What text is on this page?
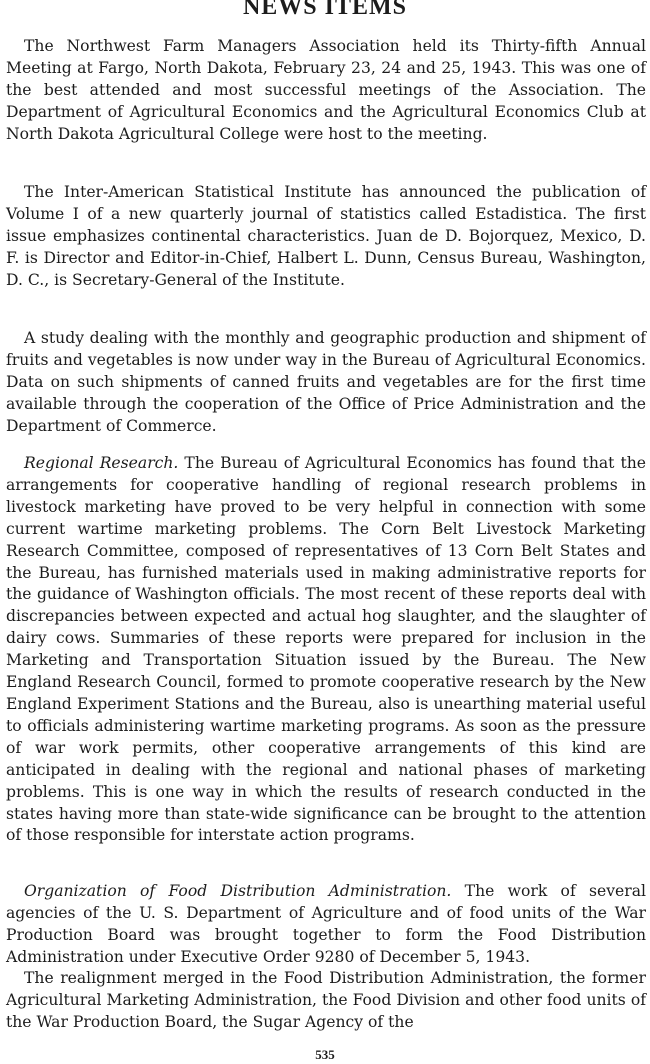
NEWS ITEMS

The Northwest Farm Managers Association held its Thirty-fifth Annual Meeting at Fargo, North Dakota, February 23, 24 and 25, 1943. This was one of the best attended and most successful meetings of the Association. The Department of Agricultural Economics and the Agricultural Economics Club at North Dakota Agricultural College were host to the meeting.

The Inter-American Statistical Institute has announced the publication of Volume I of a new quarterly journal of statistics called Estadistica. The first issue emphasizes continental characteristics. Juan de D. Bojorquez, Mexico, D. F. is Director and Editor-in-Chief, Halbert L. Dunn, Census Bureau, Washington, D. C., is Secretary-General of the Institute.

A study dealing with the monthly and geographic production and shipment of fruits and vegetables is now under way in the Bureau of Agricultural Economics. Data on such shipments of canned fruits and vegetables are for the first time available through the cooperation of the Office of Price Administration and the Department of Commerce.

Regional Research. The Bureau of Agricultural Economics has found that the arrangements for cooperative handling of regional research problems in livestock marketing have proved to be very helpful in connection with some current wartime marketing problems. The Corn Belt Livestock Marketing Research Committee, composed of representatives of 13 Corn Belt States and the Bureau, has furnished materials used in making administrative reports for the guidance of Washington officials. The most recent of these reports deal with discrepancies between expected and actual hog slaughter, and the slaughter of dairy cows. Summaries of these reports were prepared for inclusion in the Marketing and Transportation Situation issued by the Bureau. The New England Research Council, formed to promote cooperative research by the New England Experiment Stations and the Bureau, also is unearthing material useful to officials administering wartime marketing programs. As soon as the pressure of war work permits, other cooperative arrangements of this kind are anticipated in dealing with the regional and national phases of marketing problems. This is one way in which the results of research conducted in the states having more than state-wide significance can be brought to the attention of those responsible for interstate action programs.

Organization of Food Distribution Administration. The work of several agencies of the U. S. Department of Agriculture and of food units of the War Production Board was brought together to form the Food Distribution Administration under Executive Order 9280 of December 5, 1943.

The realignment merged in the Food Distribution Administration, the former Agricultural Marketing Administration, the Food Division and other food units of the War Production Board, the Sugar Agency of the

535
